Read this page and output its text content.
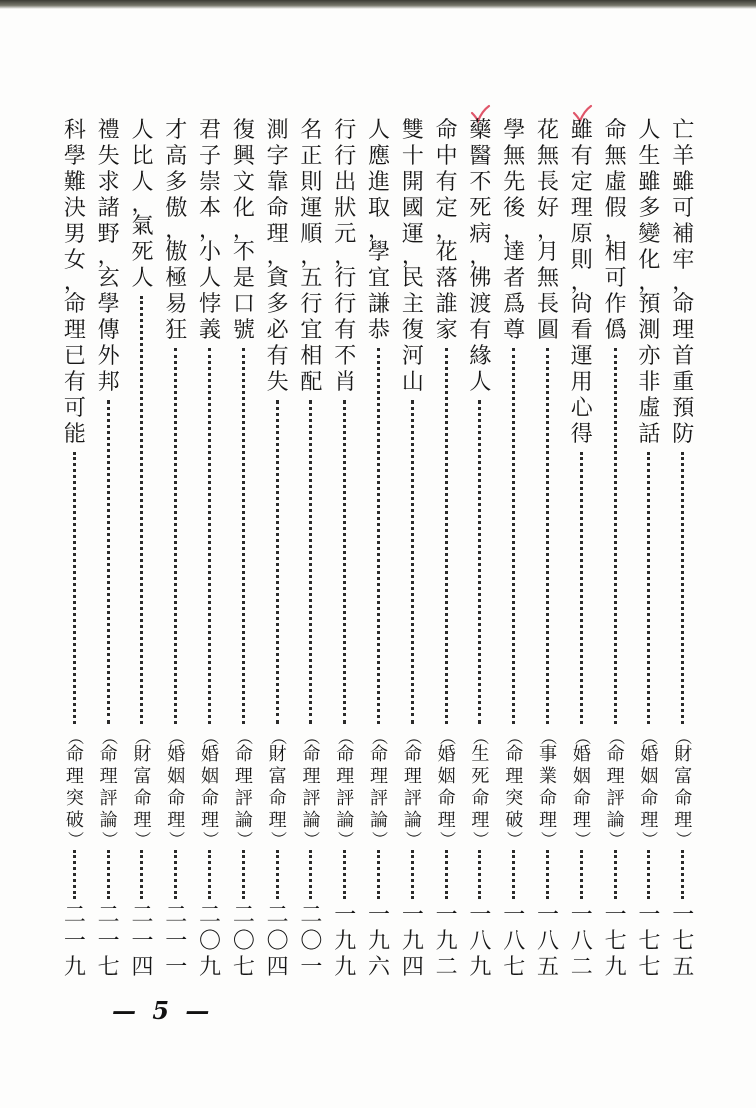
亡
羊
雖
可
補
牢
，
命
理
首
重
預
防
（
財
富
命
理
）
一
七
五
人
生
雖
多
變
化
，
預
測
亦
非
虛
話
（
婚
姻
命
理
）
一
七
七
命
無
虛
假
，
相
可
作
僞
（
命
理
評
論
）
一
七
九
雖
有
定
理
原
則
，
尙
看
運
用
心
得
（
婚
姻
命
理
）
一
八
二
花
無
長
好
，
月
無
長
圓
（
事
業
命
理
）
一
八
五
學
無
先
後
，
達
者
爲
尊
（
命
理
突
破
）
一
八
七
藥
醫
不
死
病
，
佛
渡
有
緣
人
（
生
死
命
理
）
一
八
九
命
中
有
定
，
花
落
誰
家
（
婚
姻
命
理
）
一
九
二
雙
十
開
國
運
，
民
主
復
河
山
（
命
理
評
論
）
一
九
四
人
應
進
取
，
學
宜
謙
恭
（
命
理
評
論
）
一
九
六
行
行
出
狀
元
，
行
行
有
不
肖
（
命
理
評
論
）
一
九
九
名
正
則
運
順
，
五
行
宜
相
配
（
命
理
評
論
）
二
〇
一
測
字
靠
命
理
，
貪
多
必
有
失
（
財
富
命
理
）
二
〇
四
復
興
文
化
，
不
是
口
號
（
命
理
評
論
）
二
〇
七
君
子
崇
本
，
小
人
悖
義
（
婚
姻
命
理
）
二
〇
九
才
高
多
傲
，
傲
極
易
狂
（
婚
姻
命
理
）
二
一
一
人
比
人
，
氣
死
人
（
財
富
命
理
）
二
一
四
禮
失
求
諸
野
，
玄
學
傳
外
邦
（
命
理
評
論
）
二
一
七
科
學
難
決
男
女
，
命
理
已
有
可
能
（
命
理
突
破
）
二
一
九
— 5 —
